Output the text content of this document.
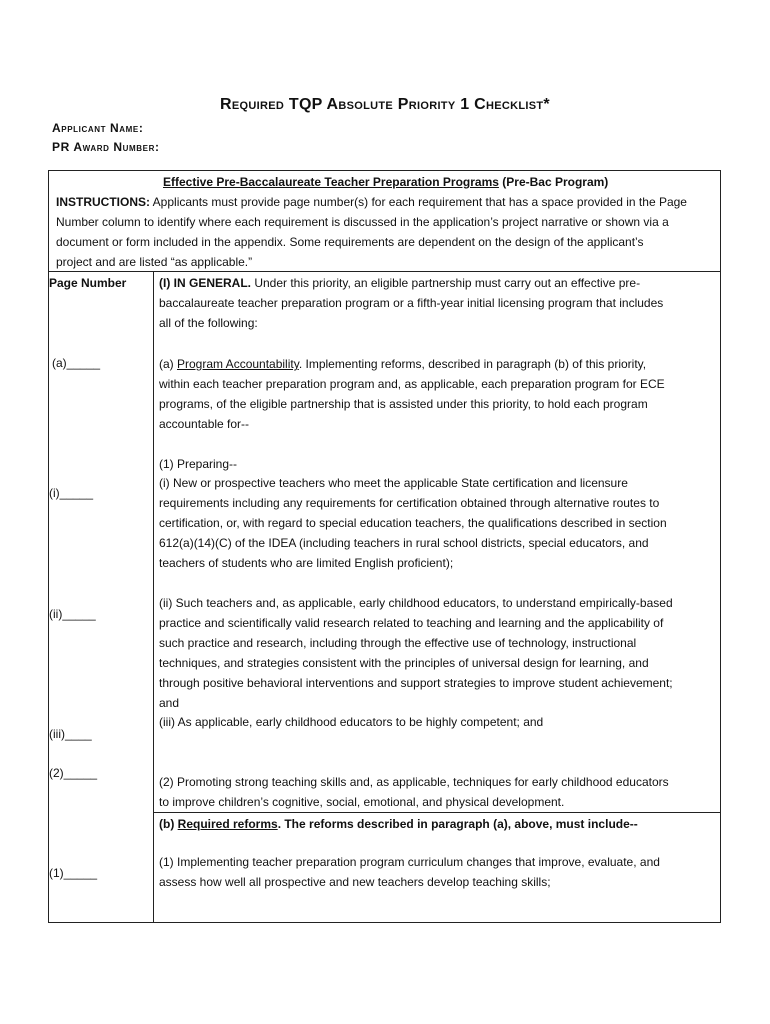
Required TQP Absolute Priority 1 Checklist*
Applicant Name:
PR Award Number:
Effective Pre-Baccalaureate Teacher Preparation Programs (Pre-Bac Program)
INSTRUCTIONS: Applicants must provide page number(s) for each requirement that has a space provided in the Page
Number column to identify where each requirement is discussed in the application’s project narrative or shown via a
document or form included in the appendix. Some requirements are dependent on the design of the applicant’s
project and are listed “as applicable.”
Page Number	(I) IN GENERAL. Under this priority, an eligible partnership must carry out an effective pre-
baccalaureate teacher preparation program or a fifth-year initial licensing program that includes
all of the following:
(a)_____	(a) Program Accountability. Implementing reforms, described in paragraph (b) of this priority,
within each teacher preparation program and, as applicable, each preparation program for ECE
programs, of the eligible partnership that is assisted under this priority, to hold each program
accountable for--
(1) Preparing--
(i)_____
(i) New or prospective teachers who meet the applicable State certification and licensure
requirements including any requirements for certification obtained through alternative routes to
certification, or, with regard to special education teachers, the qualifications described in section
612(a)(14)(C) of the IDEA (including teachers in rural school districts, special educators, and
teachers of students who are limited English proficient);
(ii)_____
(ii) Such teachers and, as applicable, early childhood educators, to understand empirically-based
practice and scientifically valid research related to teaching and learning and the applicability of
such practice and research, including through the effective use of technology, instructional
techniques, and strategies consistent with the principles of universal design for learning, and
through positive behavioral interventions and support strategies to improve student achievement;
and
(iii) As applicable, early childhood educators to be highly competent; and
(iii)____
(2)_____
(2) Promoting strong teaching skills and, as applicable, techniques for early childhood educators
to improve children’s cognitive, social, emotional, and physical development.
(b) Required reforms. The reforms described in paragraph (a), above, must include--
(1)_____
(1) Implementing teacher preparation program curriculum changes that improve, evaluate, and
assess how well all prospective and new teachers develop teaching skills;
